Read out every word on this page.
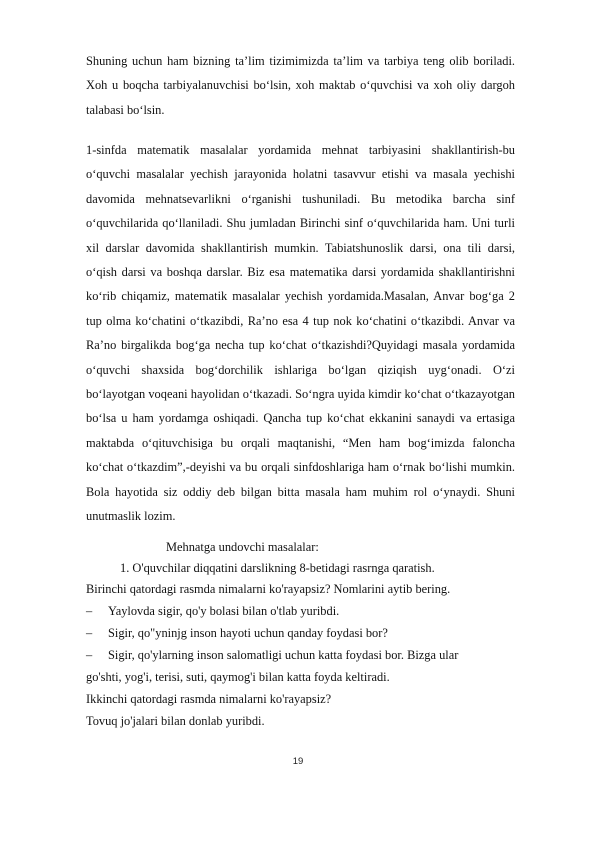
Shuning uchun ham bizning ta’lim tizimimizda ta’lim va tarbiya teng olib boriladi. Xoh u boqcha tarbiyalanuvchisi bo‘lsin, xoh maktab o‘quvchisi va xoh oliy dargoh talabasi bo‘lsin.

1-sinfda matematik masalalar yordamida mehnat tarbiyasini shakllantirish-bu o‘quvchi masalalar yechish jarayonida holatni tasavvur etishi va masala yechishi davomida mehnatsevarlikni o‘rganishi tushuniladi. Bu metodika barcha sinf o‘quvchilarida qo‘llaniladi. Shu jumladan Birinchi sinf o‘quvchilarida ham. Uni turli xil darslar davomida shakllantirish mumkin. Tabiatshunoslik darsi, ona tili darsi, o‘qish darsi va boshqa darslar. Biz esa matematika darsi yordamida shakllantirishni ko‘rib chiqamiz, matematik masalalar yechish yordamida.Masalan, Anvar bog‘ga 2 tup olma ko‘chatini o‘tkazibdi, Ra’no esa 4 tup nok ko‘chatini o‘tkazibdi. Anvar va Ra’no birgalikda bog‘ga necha tup ko‘chat o‘tkazishdi?Quyidagi masala yordamida o‘quvchi shaxsida bog‘dorchilik ishlariga bo‘lgan qiziqish uyg‘onadi. O‘zi bo‘layotgan voqeani hayolidan o‘tkazadi. So‘ngra uyida kimdir ko‘chat o‘tkazayotgan bo‘lsa u ham yordamga oshiqadi. Qancha tup ko‘chat ekkanini sanaydi va ertasiga maktabda o‘qituvchisiga bu orqali maqtanishi, “Men ham bog‘imizda faloncha ko‘chat o‘tkazdim”,-deyishi va bu orqali sinfdoshlariga ham o‘rnak bo‘lishi mumkin. Bola hayotida siz oddiy deb bilgan bitta masala ham muhim rol o‘ynaydi. Shuni unutmaslik lozim.

Mehnatga undovchi masalalar:
1. O'quvchilar diqqatini darslikning 8-betidagi rasrnga qaratish.
Birinchi qatordagi rasmda nimalarni ko'rayapsiz? Nomlarini aytib bering.
– Yaylovda sigir, qo'y bolasi bilan o'tlab yuribdi.
– Sigir, qo"yninjg inson hayoti uchun qanday foydasi bor?
– Sigir, qo'ylarning inson salomatligi uchun katta foydasi bor. Bizga ular
go'shti, yog'i, terisi, suti, qaymog'i bilan katta foyda keltiradi.
Ikkinchi qatordagi rasmda nimalarni ko'rayapsiz?
Tovuq jo'jalari bilan donlab yuribdi.
19
